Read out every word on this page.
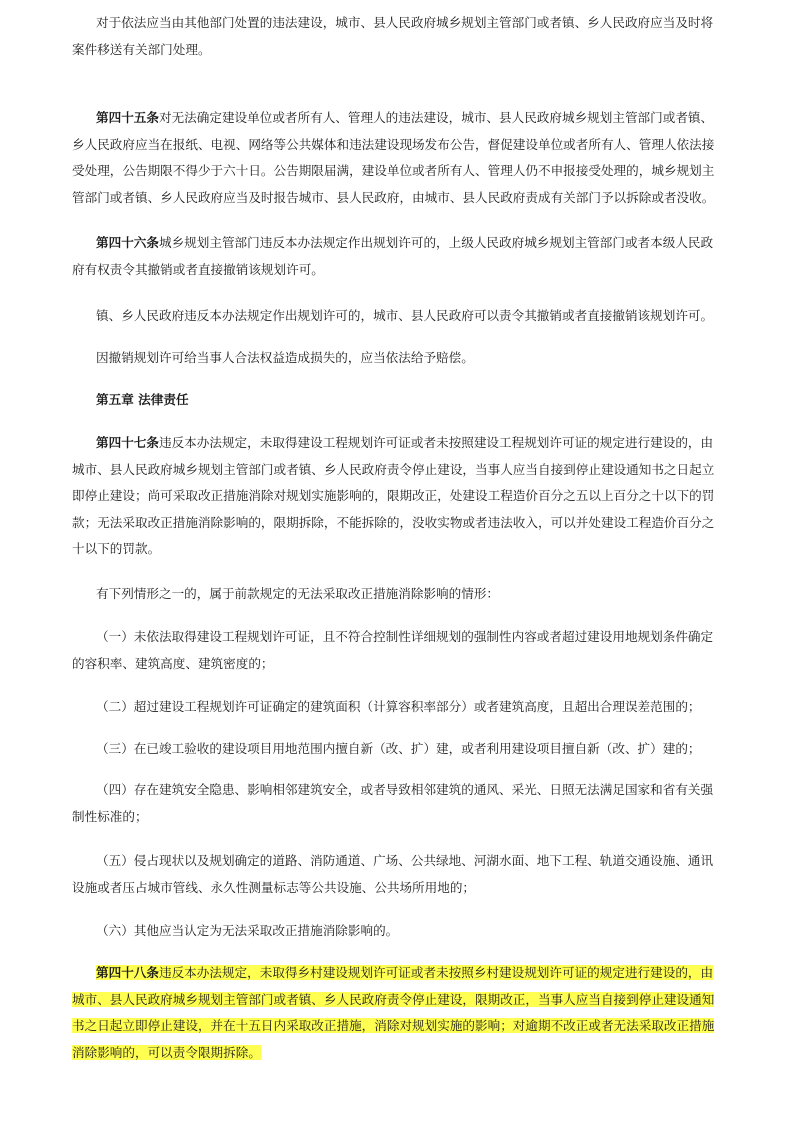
对于依法应当由其他部门处置的违法建设，城市、县人民政府城乡规划主管部门或者镇、乡人民政府应当及时将
案件移送有关部门处理。
第四十五条对无法确定建设单位或者所有人、管理人的违法建设，城市、县人民政府城乡规划主管部门或者镇、
乡人民政府应当在报纸、电视、网络等公共媒体和违法建设现场发布公告，督促建设单位或者所有人、管理人依法接
受处理，公告期限不得少于六十日。公告期限届满，建设单位或者所有人、管理人仍不申报接受处理的，城乡规划主
管部门或者镇、乡人民政府应当及时报告城市、县人民政府，由城市、县人民政府责成有关部门予以拆除或者没收。
第四十六条城乡规划主管部门违反本办法规定作出规划许可的，上级人民政府城乡规划主管部门或者本级人民政
府有权责令其撤销或者直接撤销该规划许可。
镇、乡人民政府违反本办法规定作出规划许可的，城市、县人民政府可以责令其撤销或者直接撤销该规划许可。
因撤销规划许可给当事人合法权益造成损失的，应当依法给予赔偿。
第五章 法律责任
第四十七条违反本办法规定，未取得建设工程规划许可证或者未按照建设工程规划许可证的规定进行建设的，由
城市、县人民政府城乡规划主管部门或者镇、乡人民政府责令停止建设，当事人应当自接到停止建设通知书之日起立
即停止建设；尚可采取改正措施消除对规划实施影响的，限期改正，处建设工程造价百分之五以上百分之十以下的罚
款；无法采取改正措施消除影响的，限期拆除，不能拆除的，没收实物或者违法收入，可以并处建设工程造价百分之
十以下的罚款。
有下列情形之一的，属于前款规定的无法采取改正措施消除影响的情形：
（一）未依法取得建设工程规划许可证，且不符合控制性详细规划的强制性内容或者超过建设用地规划条件确定
的容积率、建筑高度、建筑密度的；
（二）超过建设工程规划许可证确定的建筑面积（计算容积率部分）或者建筑高度，且超出合理误差范围的；
（三）在已竣工验收的建设项目用地范围内擅自新（改、扩）建，或者利用建设项目擅自新（改、扩）建的；
（四）存在建筑安全隐患、影响相邻建筑安全，或者导致相邻建筑的通风、采光、日照无法满足国家和省有关强
制性标准的；
（五）侵占现状以及规划确定的道路、消防通道、广场、公共绿地、河湖水面、地下工程、轨道交通设施、通讯
设施或者压占城市管线、永久性测量标志等公共设施、公共场所用地的；
（六）其他应当认定为无法采取改正措施消除影响的。
第四十八条违反本办法规定，未取得乡村建设规划许可证或者未按照乡村建设规划许可证的规定进行建设的，由
城市、县人民政府城乡规划主管部门或者镇、乡人民政府责令停止建设，限期改正，当事人应当自接到停止建设通知
书之日起立即停止建设，并在十五日内采取改正措施，消除对规划实施的影响；对逾期不改正或者无法采取改正措施
消除影响的，可以责令限期拆除。
